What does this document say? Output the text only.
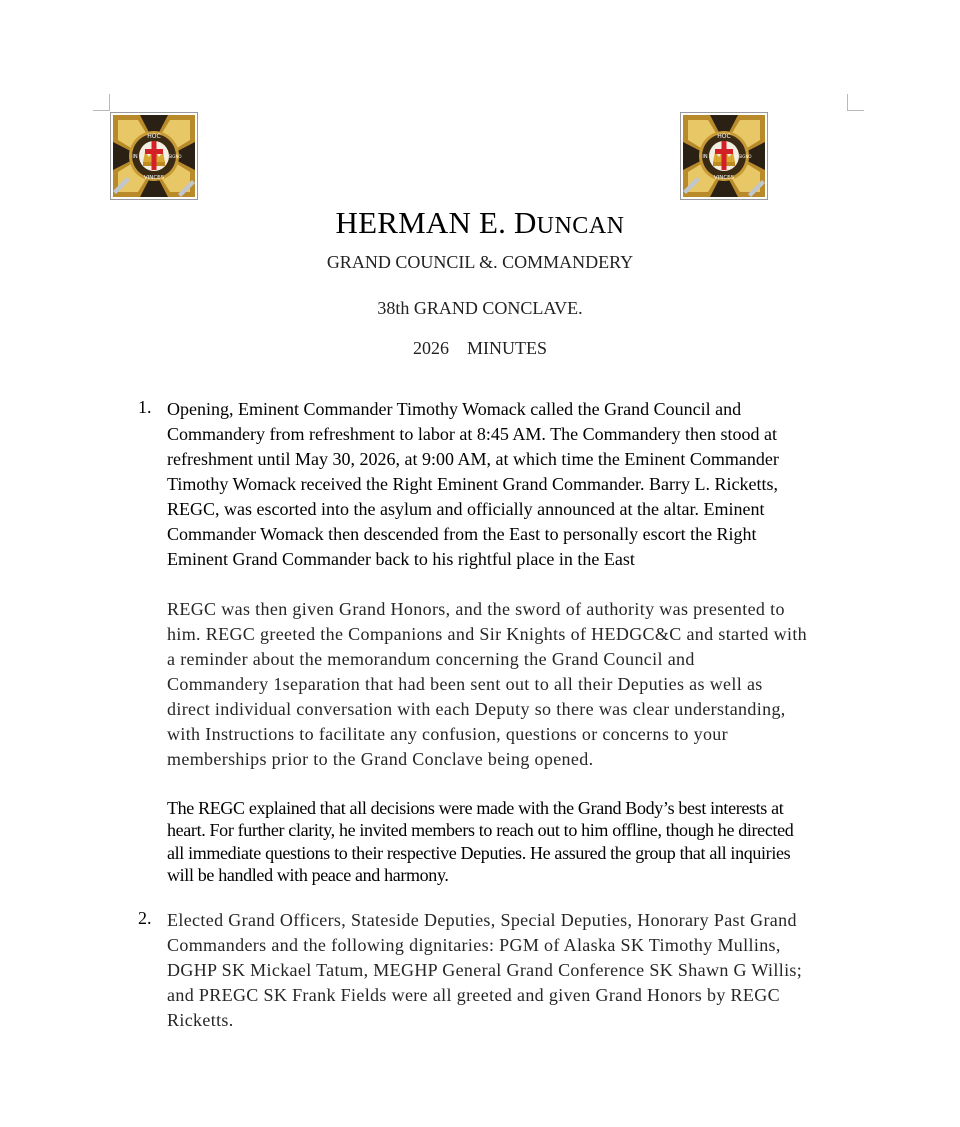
HOC
VINCES
IN	SIGNO
HOC
VINCES
IN	SIGNO
HERMAN E. DUNCAN
GRAND COUNCIL &. COMMANDERY
38th GRAND CONCLAVE.
2026 MINUTES
1. Opening, Eminent Commander Timothy Womack called the Grand Council and
Commandery from refreshment to labor at 8:45 AM. The Commandery then stood at
refreshment until May 30, 2026, at 9:00 AM, at which time the Eminent Commander
Timothy Womack received the Right Eminent Grand Commander. Barry L. Ricketts,
REGC, was escorted into the asylum and officially announced at the altar. Eminent
Commander Womack then descended from the East to personally escort the Right
Eminent Grand Commander back to his rightful place in the East
REGC was then given Grand Honors, and the sword of authority was presented to
him. REGC greeted the Companions and Sir Knights of HEDGC&C and started with
a reminder about the memorandum concerning the Grand Council and
Commandery 1separation that had been sent out to all their Deputies as well as
direct individual conversation with each Deputy so there was clear understanding,
with Instructions to facilitate any confusion, questions or concerns to your
memberships prior to the Grand Conclave being opened.
The REGC explained that all decisions were made with the Grand Body’s best interests at
heart. For further clarity, he invited members to reach out to him offline, though he directed
all immediate questions to their respective Deputies. He assured the group that all inquiries
will be handled with peace and harmony.
2. Elected Grand Officers, Stateside Deputies, Special Deputies, Honorary Past Grand
Commanders and the following dignitaries: PGM of Alaska SK Timothy Mullins,
DGHP SK Mickael Tatum, MEGHP General Grand Conference SK Shawn G Willis;
and PREGC SK Frank Fields were all greeted and given Grand Honors by REGC
Ricketts.
